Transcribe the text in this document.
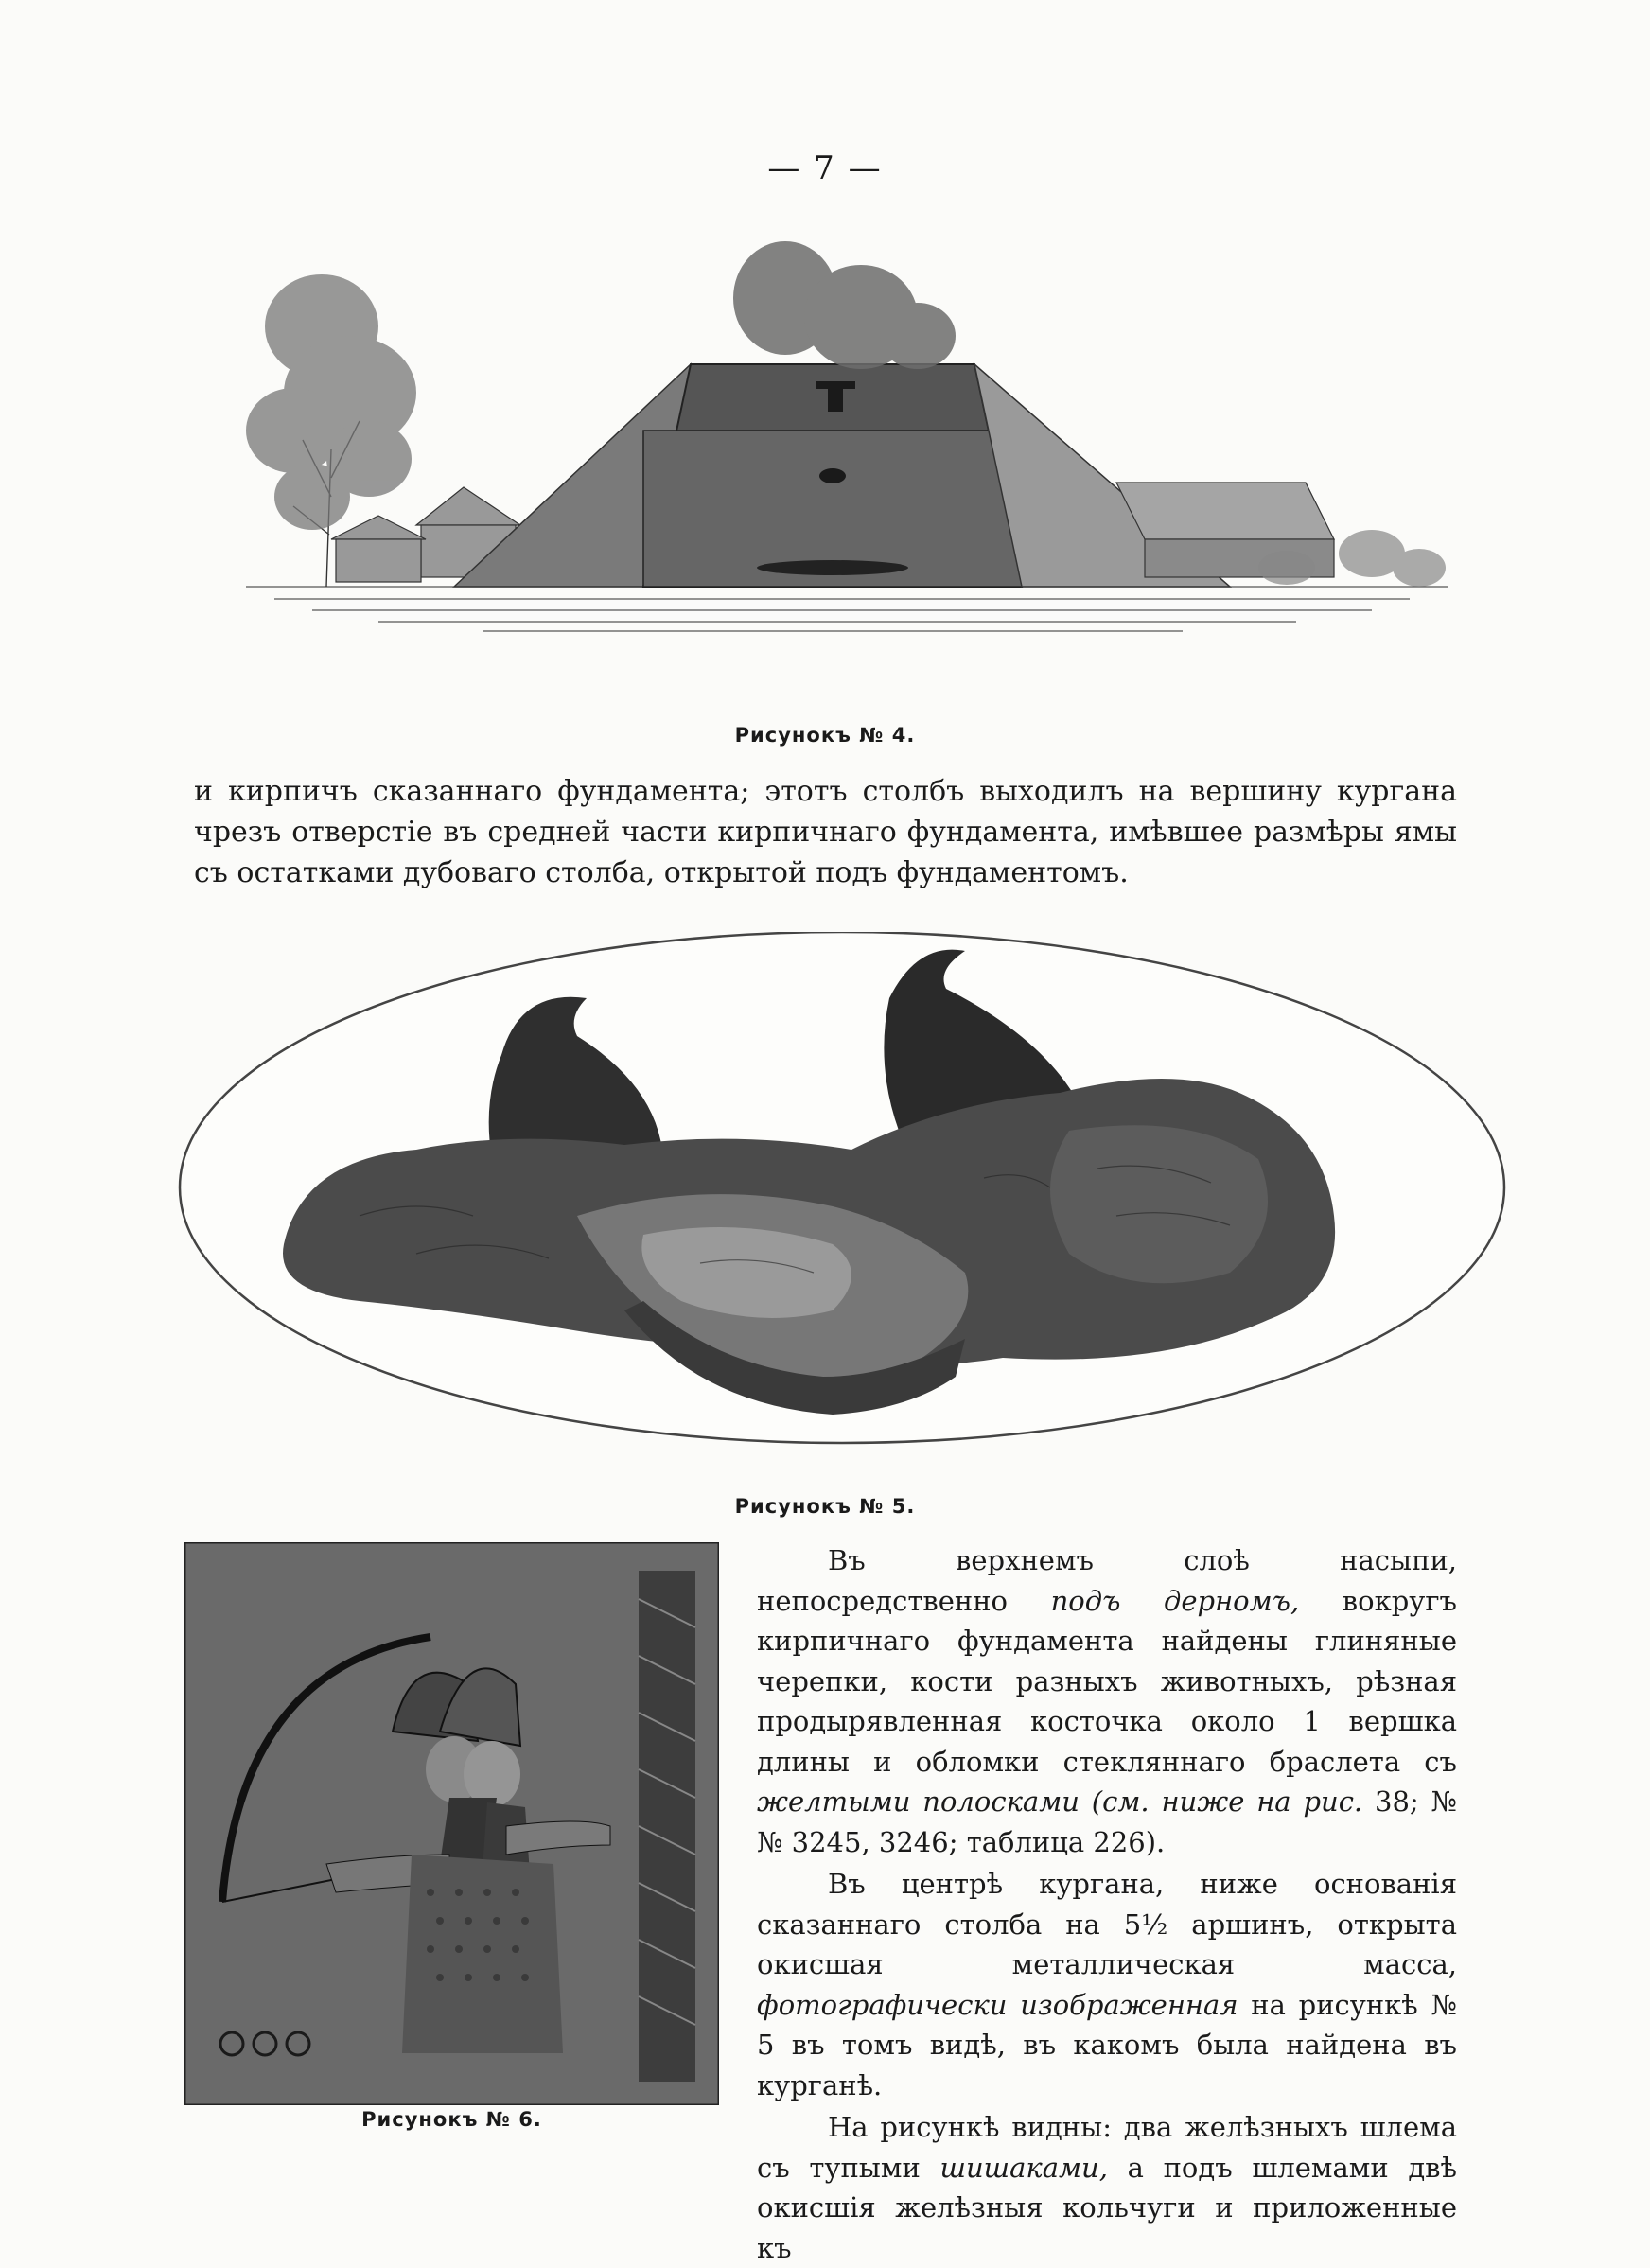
— 7 —
Рисунокъ № 4.
и кирпичъ сказаннаго фундамента; этотъ столбъ выходилъ на вершину кургана чрезъ отверстіе въ средней части кирпичнаго фундамента, имѣвшее размѣры ямы съ остатками дубоваго столба, открытой подъ фундаментомъ.
Рисунокъ № 5.
Рисунокъ № 6.

Въ верхнемъ слоѣ насыпи, непосредственно подъ дерномъ, вокругъ кирпичнаго фундамента найдены глиняные черепки, кости разныхъ животныхъ, рѣзная продырявленная косточка около 1 вершка длины и обломки стекляннаго браслета съ желтыми полосками (см. ниже на рис. 38; №№ 3245, 3246; таблица 226).

Въ центрѣ кургана, ниже основанія сказаннаго столба на 5½ аршинъ, открыта окисшая металлическая масса, фотографически изображенная на рисункѣ № 5 въ томъ видѣ, въ какомъ была найдена въ курганѣ.

На рисункѣ видны: два желѣзныхъ шлема съ тупыми шишаками, а подъ шлемами двѣ окисшія желѣзныя кольчуги и приложенные къ
